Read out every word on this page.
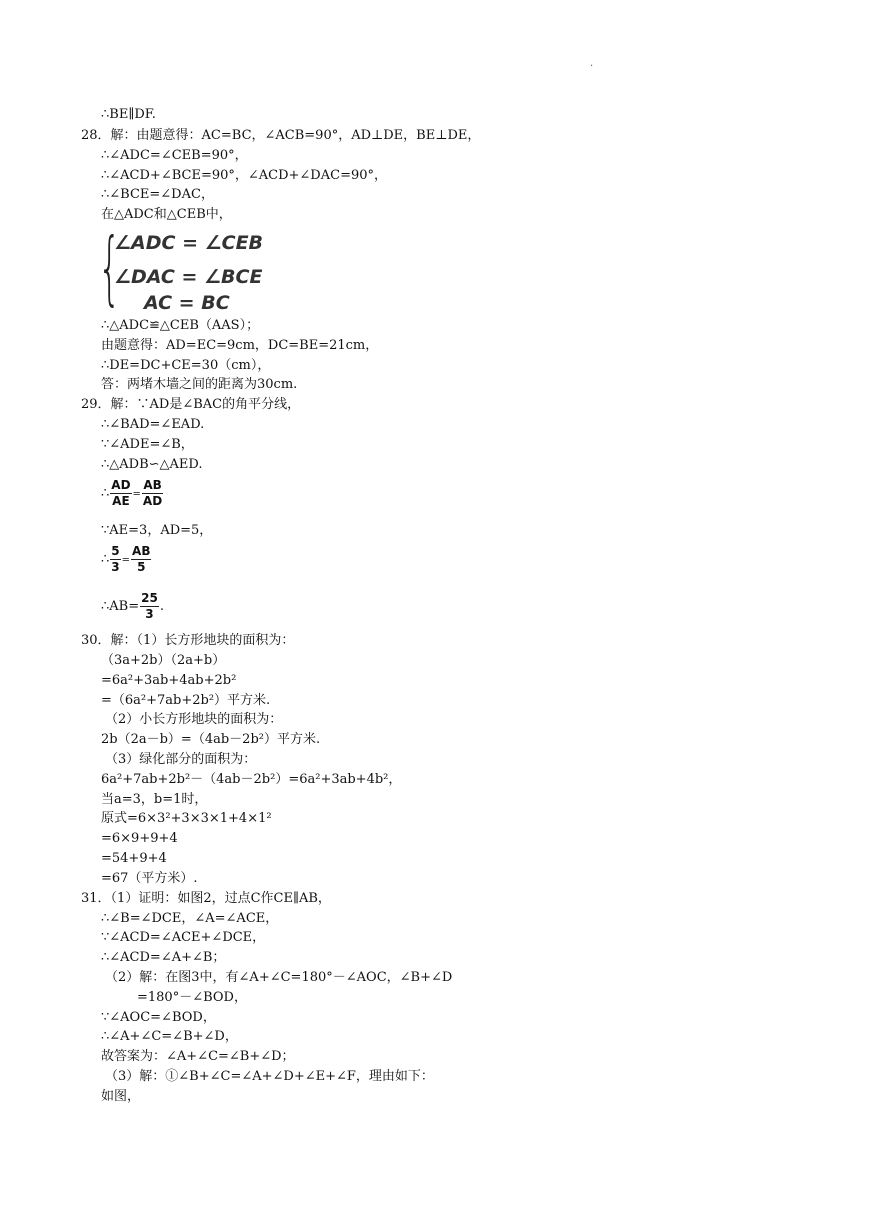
.
∴BE∥DF.
28．解：由题意得：AC=BC，∠ACB=90°，AD⊥DE，BE⊥DE，
∴∠ADC=∠CEB=90°，
∴∠ACD+∠BCE=90°，∠ACD+∠DAC=90°，
∴∠BCE=∠DAC，
在△ADC和△CEB中，
{
∠ADC = ∠CEB
∠DAC = ∠BCE
AC = BC
∴△ADC≌△CEB（AAS）；
由题意得：AD=EC=9cm，DC=BE=21cm，
∴DE=DC+CE=30（cm），
答：两堵木墙之间的距离为30cm.
29．解：∵AD是∠BAC的角平分线，
∴∠BAD=∠EAD.
∵∠ADE=∠B，
∴△ADB∽△AED.
∴ $\frac{AD}{AE} = \frac{AB}{AD}$
∵AE=3，AD=5，
∴ $\frac{5}{3} = \frac{AB}{5}$
∴AB= $\frac{25}{3}$ .
30．解：（1）长方形地块的面积为：
（3a+2b）（2a+b）
=6a²+3ab+4ab+2b²
=（6a²+7ab+2b²）平方米.
（2）小长方形地块的面积为：
2b（2a－b）=（4ab－2b²）平方米.
（3）绿化部分的面积为：
6a²+7ab+2b²－（4ab－2b²）=6a²+3ab+4b²，
当a=3，b=1时，
原式=6×3²+3×3×1+4×1²
=6×9+9+4
=54+9+4
=67（平方米）.
31．（1）证明：如图2，过点C作CE∥AB，
∴∠B=∠DCE，∠A=∠ACE，
∵∠ACD=∠ACE+∠DCE，
∴∠ACD=∠A+∠B；
（2）解：在图3中，有∠A+∠C=180°－∠AOC，∠B+∠D
=180°－∠BOD，
∵∠AOC=∠BOD，
∴∠A+∠C=∠B+∠D，
故答案为：∠A+∠C=∠B+∠D；
（3）解：①∠B+∠C=∠A+∠D+∠E+∠F，理由如下：
如图，
